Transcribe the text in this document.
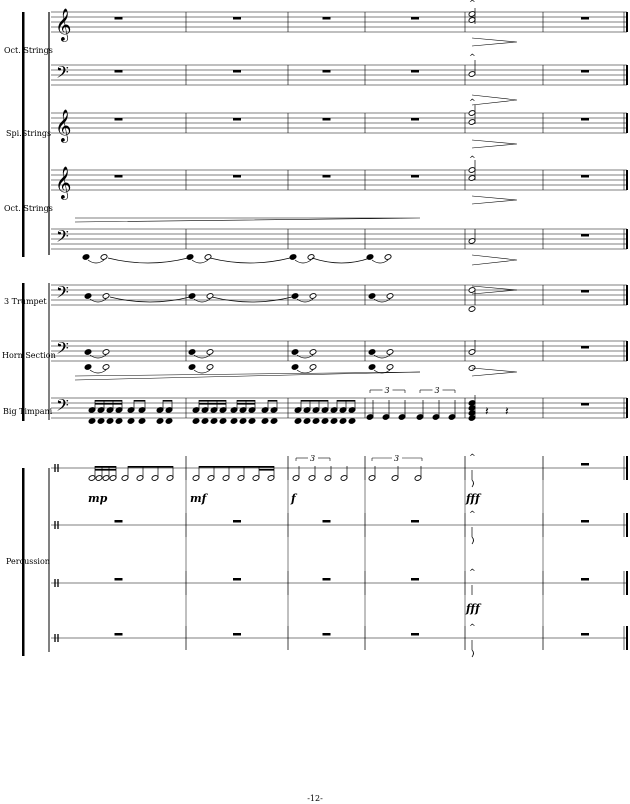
𝄞
𝄢
𝄞
𝄞
𝄢
𝄢
𝄢
𝄢
^
^
^
^
𝄽 𝄽
^
^
^
^
3	3
3	3
Oct. Strings
Spi.Strings
Oct. Strings
3 Trumpet
Horn Section
Big Timpani
Percussion
mp	mf	f	fff
fff
-12-
